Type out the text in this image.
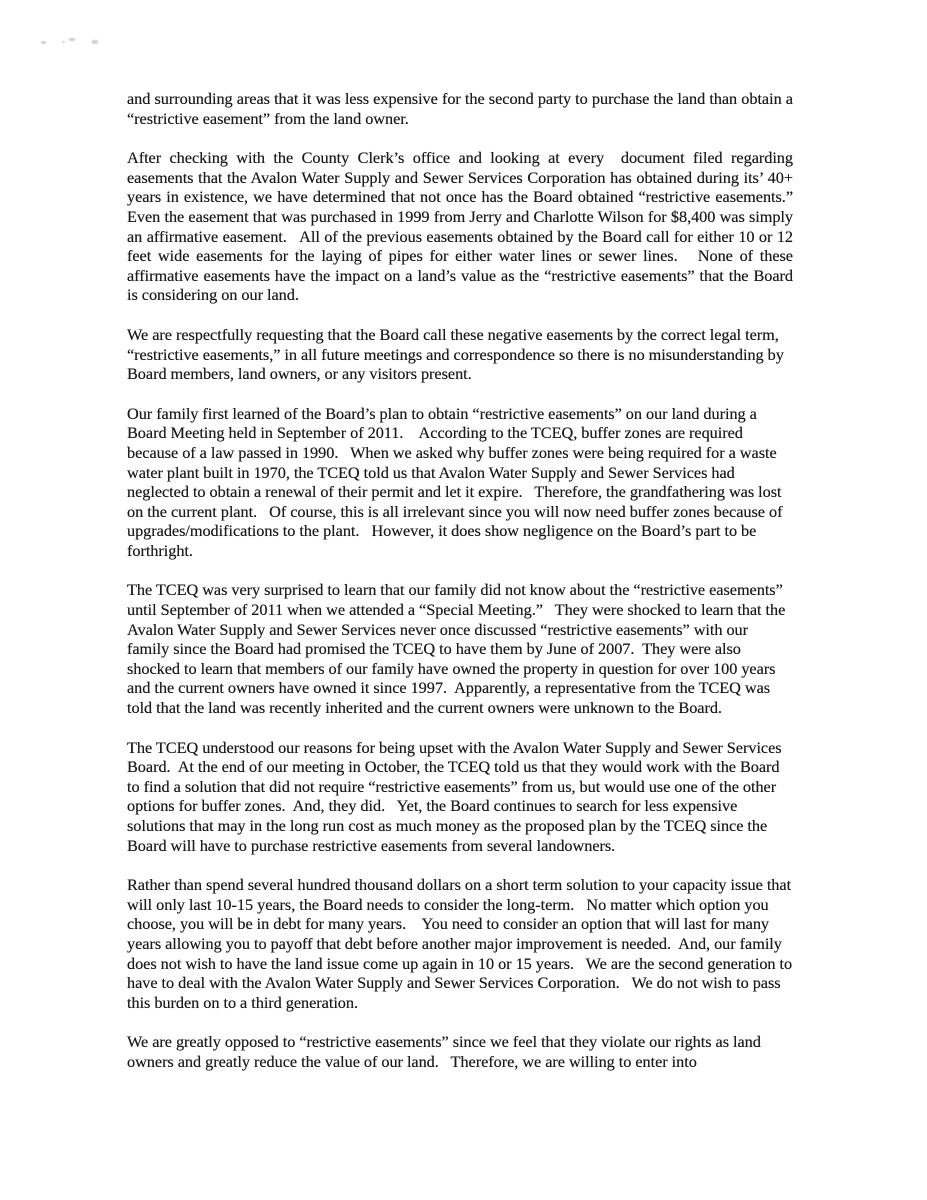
and surrounding areas that it was less expensive for the second party to purchase the land than obtain a “restrictive easement” from the land owner.

After checking with the County Clerk’s office and looking at every  document filed regarding easements that the Avalon Water Supply and Sewer Services Corporation has obtained during its’ 40+ years in existence, we have determined that not once has the Board obtained “restrictive easements.”   Even the easement that was purchased in 1999 from Jerry and Charlotte Wilson for $8,400 was simply an affirmative easement.   All of the previous easements obtained by the Board call for either 10 or 12 feet wide easements for the laying of pipes for either water lines or sewer lines.   None of these affirmative easements have the impact on a land’s value as the “restrictive easements” that the Board is considering on our land.

We are respectfully requesting that the Board call these negative easements by the correct legal term, “restrictive easements,” in all future meetings and correspondence so there is no misunderstanding by Board members, land owners, or any visitors present.

Our family first learned of the Board’s plan to obtain “restrictive easements” on our land during a Board Meeting held in September of 2011.    According to the TCEQ, buffer zones are required because of a law passed in 1990.   When we asked why buffer zones were being required for a waste water plant built in 1970, the TCEQ told us that Avalon Water Supply and Sewer Services had neglected to obtain a renewal of their permit and let it expire.   Therefore, the grandfathering was lost on the current plant.   Of course, this is all irrelevant since you will now need buffer zones because of upgrades/modifications to the plant.   However, it does show negligence on the Board’s part to be forthright.

The TCEQ was very surprised to learn that our family did not know about the “restrictive easements” until September of 2011 when we attended a “Special Meeting.”   They were shocked to learn that the Avalon Water Supply and Sewer Services never once discussed “restrictive easements” with our family since the Board had promised the TCEQ to have them by June of 2007.  They were also shocked to learn that members of our family have owned the property in question for over 100 years and the current owners have owned it since 1997.  Apparently, a representative from the TCEQ was told that the land was recently inherited and the current owners were unknown to the Board.

The TCEQ understood our reasons for being upset with the Avalon Water Supply and Sewer Services Board.  At the end of our meeting in October, the TCEQ told us that they would work with the Board to find a solution that did not require “restrictive easements” from us, but would use one of the other options for buffer zones.  And, they did.   Yet, the Board continues to search for less expensive solutions that may in the long run cost as much money as the proposed plan by the TCEQ since the Board will have to purchase restrictive easements from several landowners.

Rather than spend several hundred thousand dollars on a short term solution to your capacity issue that will only last 10-15 years, the Board needs to consider the long-term.   No matter which option you choose, you will be in debt for many years.    You need to consider an option that will last for many years allowing you to payoff that debt before another major improvement is needed.  And, our family does not wish to have the land issue come up again in 10 or 15 years.   We are the second generation to have to deal with the Avalon Water Supply and Sewer Services Corporation.   We do not wish to pass this burden on to a third generation.

We are greatly opposed to “restrictive easements” since we feel that they violate our rights as land owners and greatly reduce the value of our land.   Therefore, we are willing to enter into
